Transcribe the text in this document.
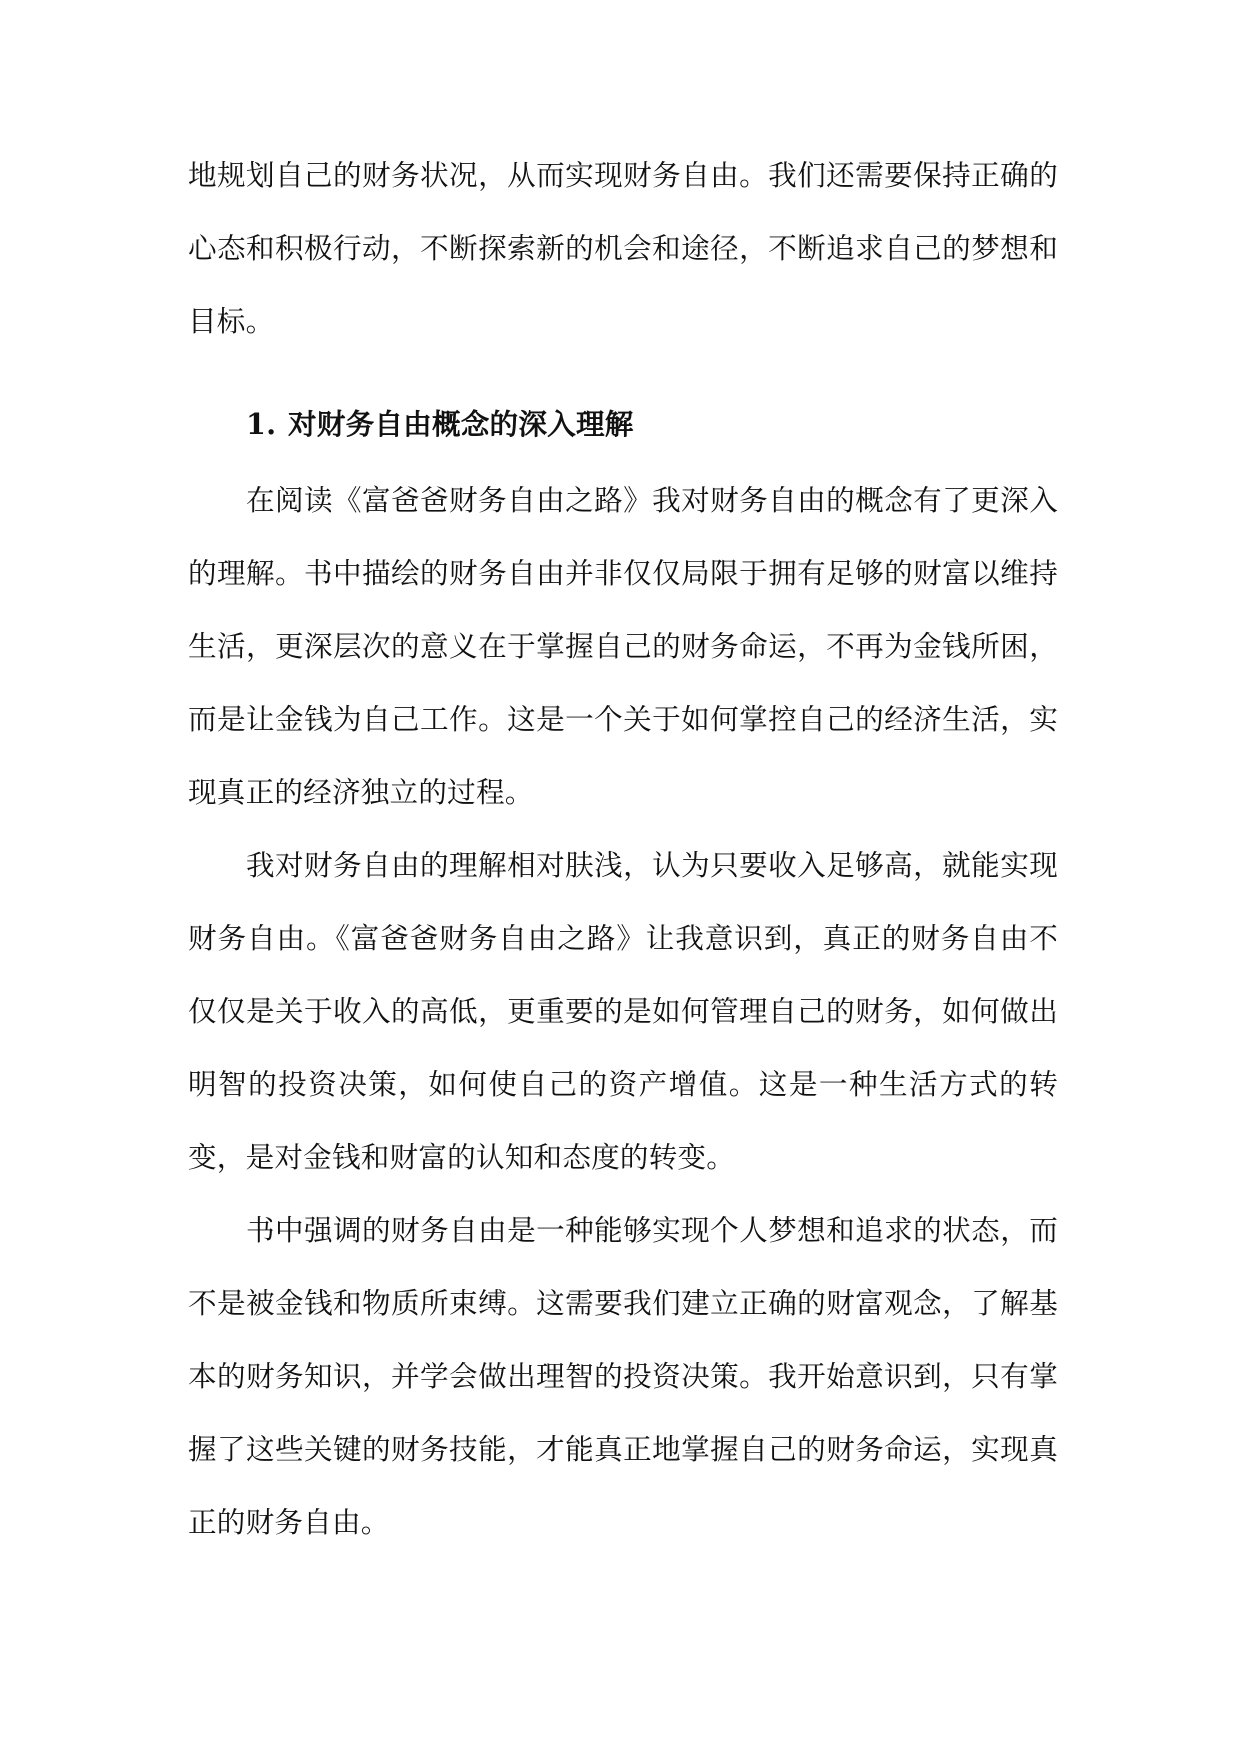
地规划自己的财务状况，从而实现财务自由。我们还需要保持正确的心态和积极行动，不断探索新的机会和途径，不断追求自己的梦想和目标。

1. 对财务自由概念的深入理解

在阅读《富爸爸财务自由之路》我对财务自由的概念有了更深入的理解。书中描绘的财务自由并非仅仅局限于拥有足够的财富以维持生活，更深层次的意义在于掌握自己的财务命运，不再为金钱所困，而是让金钱为自己工作。这是一个关于如何掌控自己的经济生活，实现真正的经济独立的过程。

我对财务自由的理解相对肤浅，认为只要收入足够高，就能实现财务自由。《富爸爸财务自由之路》让我意识到，真正的财务自由不仅仅是关于收入的高低，更重要的是如何管理自己的财务，如何做出明智的投资决策，如何使自己的资产增值。这是一种生活方式的转变，是对金钱和财富的认知和态度的转变。

书中强调的财务自由是一种能够实现个人梦想和追求的状态，而不是被金钱和物质所束缚。这需要我们建立正确的财富观念，了解基本的财务知识，并学会做出理智的投资决策。我开始意识到，只有掌握了这些关键的财务技能，才能真正地掌握自己的财务命运，实现真正的财务自由。
